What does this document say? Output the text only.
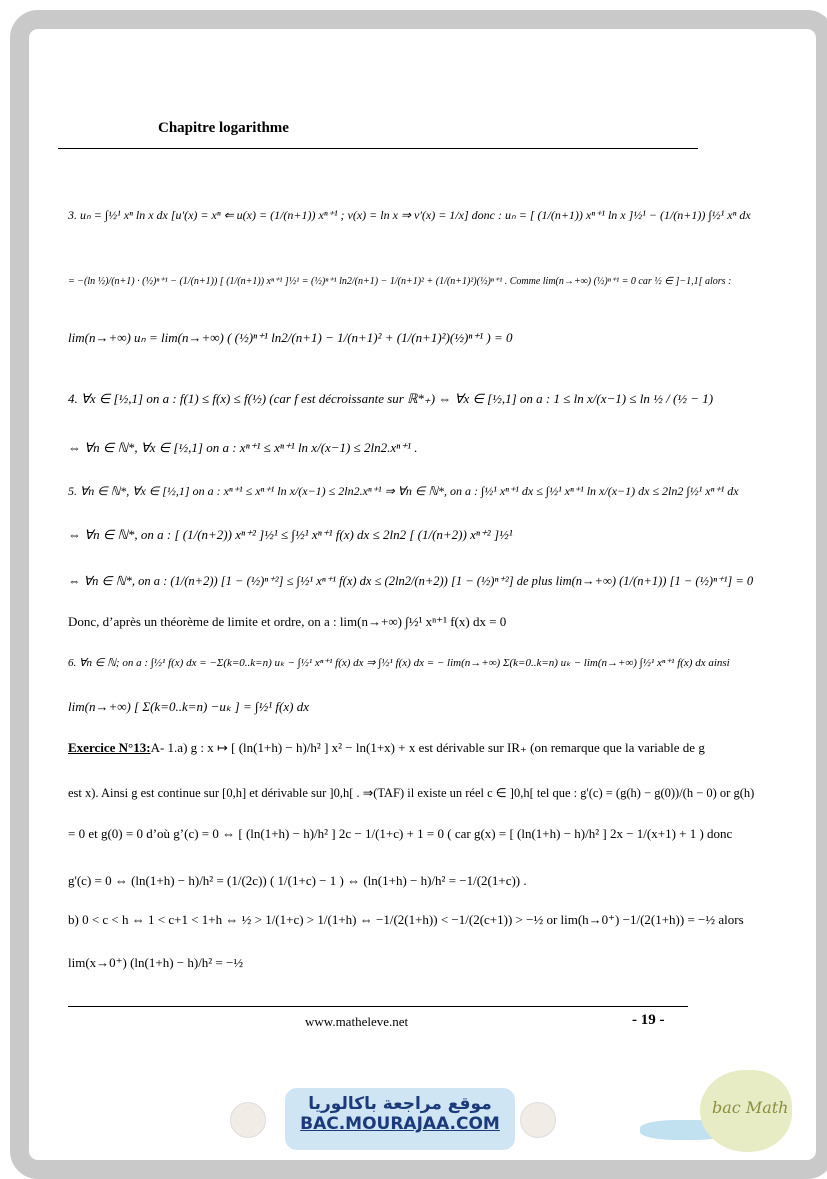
Chapitre logarithme
3. uₙ = ∫½¹ xⁿ ln x dx [u'(x) = xⁿ ⇐ u(x) = (1/(n+1)) xⁿ⁺¹ ; v(x) = ln x ⇒ v'(x) = 1/x] donc : uₙ = [ (1/(n+1)) xⁿ⁺¹ ln x ]½¹ − (1/(n+1)) ∫½¹ xⁿ dx
= −(ln ½)/(n+1) · (½)ⁿ⁺¹ − (1/(n+1)) [ (1/(n+1)) xⁿ⁺¹ ]½¹ = (½)ⁿ⁺¹ ln2/(n+1) − 1/(n+1)² + (1/(n+1)²)(½)ⁿ⁺¹ . Comme lim(n→+∞) (½)ⁿ⁺¹ = 0 car ½ ∈ ]−1,1[ alors :
lim(n→+∞) uₙ = lim(n→+∞) ( (½)ⁿ⁺¹ ln2/(n+1) − 1/(n+1)² + (1/(n+1)²)(½)ⁿ⁺¹ ) = 0
4. ∀x ∈ [½,1] on a : f(1) ≤ f(x) ≤ f(½) (car f est décroissante sur ℝ*₊) ⇔ ∀x ∈ [½,1] on a : 1 ≤ ln x/(x−1) ≤ ln ½ / (½ − 1)
⇔ ∀n ∈ ℕ*, ∀x ∈ [½,1] on a : xⁿ⁺¹ ≤ xⁿ⁺¹ ln x/(x−1) ≤ 2ln2.xⁿ⁺¹ .
5. ∀n ∈ ℕ*, ∀x ∈ [½,1] on a : xⁿ⁺¹ ≤ xⁿ⁺¹ ln x/(x−1) ≤ 2ln2.xⁿ⁺¹ ⇒ ∀n ∈ ℕ*, on a : ∫½¹ xⁿ⁺¹ dx ≤ ∫½¹ xⁿ⁺¹ ln x/(x−1) dx ≤ 2ln2 ∫½¹ xⁿ⁺¹ dx
⇔ ∀n ∈ ℕ*, on a : [ (1/(n+2)) xⁿ⁺² ]½¹ ≤ ∫½¹ xⁿ⁺¹ f(x) dx ≤ 2ln2 [ (1/(n+2)) xⁿ⁺² ]½¹
⇔ ∀n ∈ ℕ*, on a : (1/(n+2)) [1 − (½)ⁿ⁺²] ≤ ∫½¹ xⁿ⁺¹ f(x) dx ≤ (2ln2/(n+2)) [1 − (½)ⁿ⁺²] de plus lim(n→+∞) (1/(n+1)) [1 − (½)ⁿ⁺¹] = 0
Donc, d’après un théorème de limite et ordre, on a : lim(n→+∞) ∫½¹ xⁿ⁺¹ f(x) dx = 0
6. ∀n ∈ ℕ; on a : ∫½¹ f(x) dx = −Σ(k=0..k=n) uₖ − ∫½¹ xⁿ⁺¹ f(x) dx ⇒ ∫½¹ f(x) dx = − lim(n→+∞) Σ(k=0..k=n) uₖ − lim(n→+∞) ∫½¹ xⁿ⁺¹ f(x) dx ainsi
lim(n→+∞) [ Σ(k=0..k=n) −uₖ ] = ∫½¹ f(x) dx
Exercice N°13:A- 1.a) g : x ↦ [ (ln(1+h) − h)/h² ] x² − ln(1+x) + x est dérivable sur IR₊ (on remarque que la variable de g
est x). Ainsi g est continue sur [0,h] et dérivable sur ]0,h[ . ⇒(TAF) il existe un réel c ∈ ]0,h[ tel que : g'(c) = (g(h) − g(0))/(h − 0) or g(h)
= 0 et g(0) = 0 d’où g’(c) = 0 ⇔ [ (ln(1+h) − h)/h² ] 2c − 1/(1+c) + 1 = 0 ( car g(x) = [ (ln(1+h) − h)/h² ] 2x − 1/(x+1) + 1 ) donc
g'(c) = 0 ⇔ (ln(1+h) − h)/h² = (1/(2c)) ( 1/(1+c) − 1 ) ⇔ (ln(1+h) − h)/h² = −1/(2(1+c)) .
b) 0 < c < h ⇔ 1 < c+1 < 1+h ⇔ ½ > 1/(1+c) > 1/(1+h) ⇔ −1/(2(1+h)) < −1/(2(c+1)) > −½ or lim(h→0⁺) −1/(2(1+h)) = −½ alors
lim(x→0⁺) (ln(1+h) − h)/h² = −½
www.matheleve.net	- 19 -
موقع مراجعة باكالوريا
BAC.MOURAJAA.COM
bac Math
